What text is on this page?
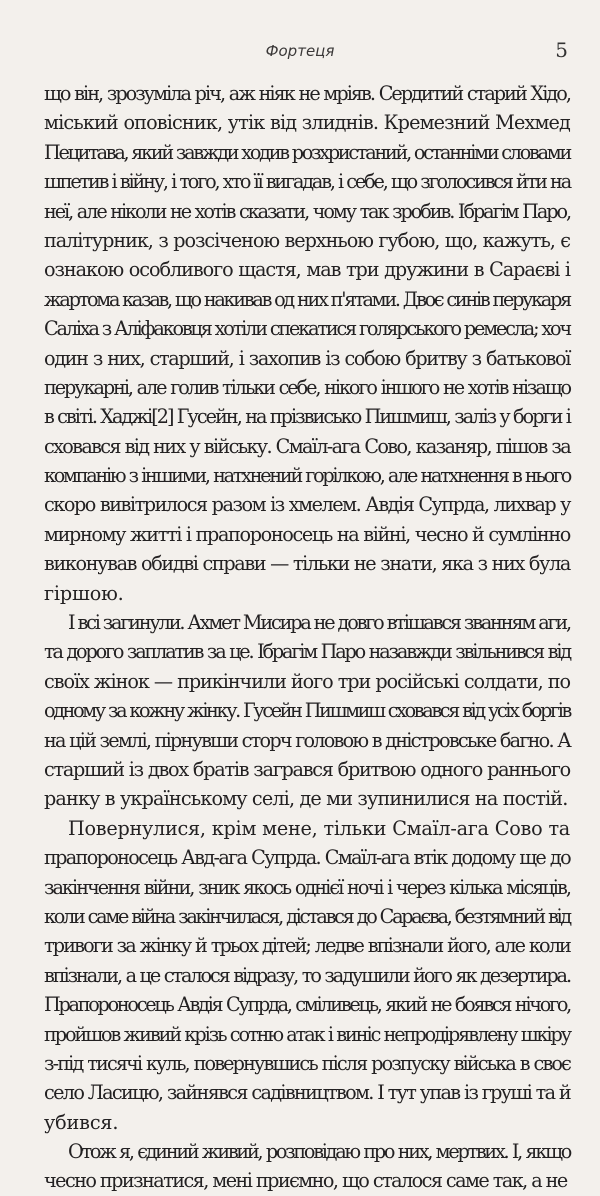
Фортеця	5
що він, зрозуміла річ, аж ніяк не мріяв. Сердитий старий Хідо,
міський оповісник, утік від злиднів. Кремезний Мехмед
Пецитава, який завжди ходив розхристаний, останніми словами
шпетив і війну, і того, хто її вигадав, і себе, що зголосився йти на
неї, але ніколи не хотів сказати, чому так зробив. Ібрагім Паро,
палітурник, з розсіченою верхньою губою, що, кажуть, є
ознакою особливого щастя, мав три дружини в Сараєві і
жартома казав, що накивав од них п'ятами. Двоє синів перукаря
Саліха з Аліфаковця хотіли спекатися голярського ремесла; хоч
один з них, старший, і захопив із собою бритву з батькової
перукарні, але голив тільки себе, нікого іншого не хотів нізащо
в світі. Хаджі[2] Гусейн, на прізвисько Пишмиш, заліз у борги і
сховався від них у війську. Смаїл-ага Сово, казаняр, пішов за
компанію з іншими, натхнений горілкою, але натхнення в нього
скоро вивітрилося разом із хмелем. Авдія Супрда, лихвар у
мирному житті і прапороносець на війні, чесно й сумлінно
виконував обидві справи — тільки не знати, яка з них була
гіршою.
І всі загинули. Ахмет Мисира не довго втішався званням аги,
та дорого заплатив за це. Ібрагім Паро назавжди звільнився від
своїх жінок — прикінчили його три російські солдати, по
одному за кожну жінку. Гусейн Пишмиш сховався від усіх боргів
на цій землі, пірнувши сторч головою в дністровське багно. А
старший із двох братів загрався бритвою одного раннього
ранку в українському селі, де ми зупинилися на постій.
Повернулися, крім мене, тільки Смаїл-ага Сово та
прапороносець Авд-ага Супрда. Смаїл-ага втік додому ще до
закінчення війни, зник якось однієї ночі і через кілька місяців,
коли саме війна закінчилася, дістався до Сараєва, безтямний від
тривоги за жінку й трьох дітей; ледве впізнали його, але коли
впізнали, а це сталося відразу, то задушили його як дезертира.
Прапороносець Авдія Супрда, сміливець, який не боявся нічого,
пройшов живий крізь сотню атак і виніс непродірявлену шкіру
з-під тисячі куль, повернувшись після розпуску війська в своє
село Ласицю, зайнявся садівництвом. І тут упав із груші та й
убився.
Отож я, єдиний живий, розповідаю про них, мертвих. І, якщо
чесно признатися, мені приємно, що сталося саме так, а не
